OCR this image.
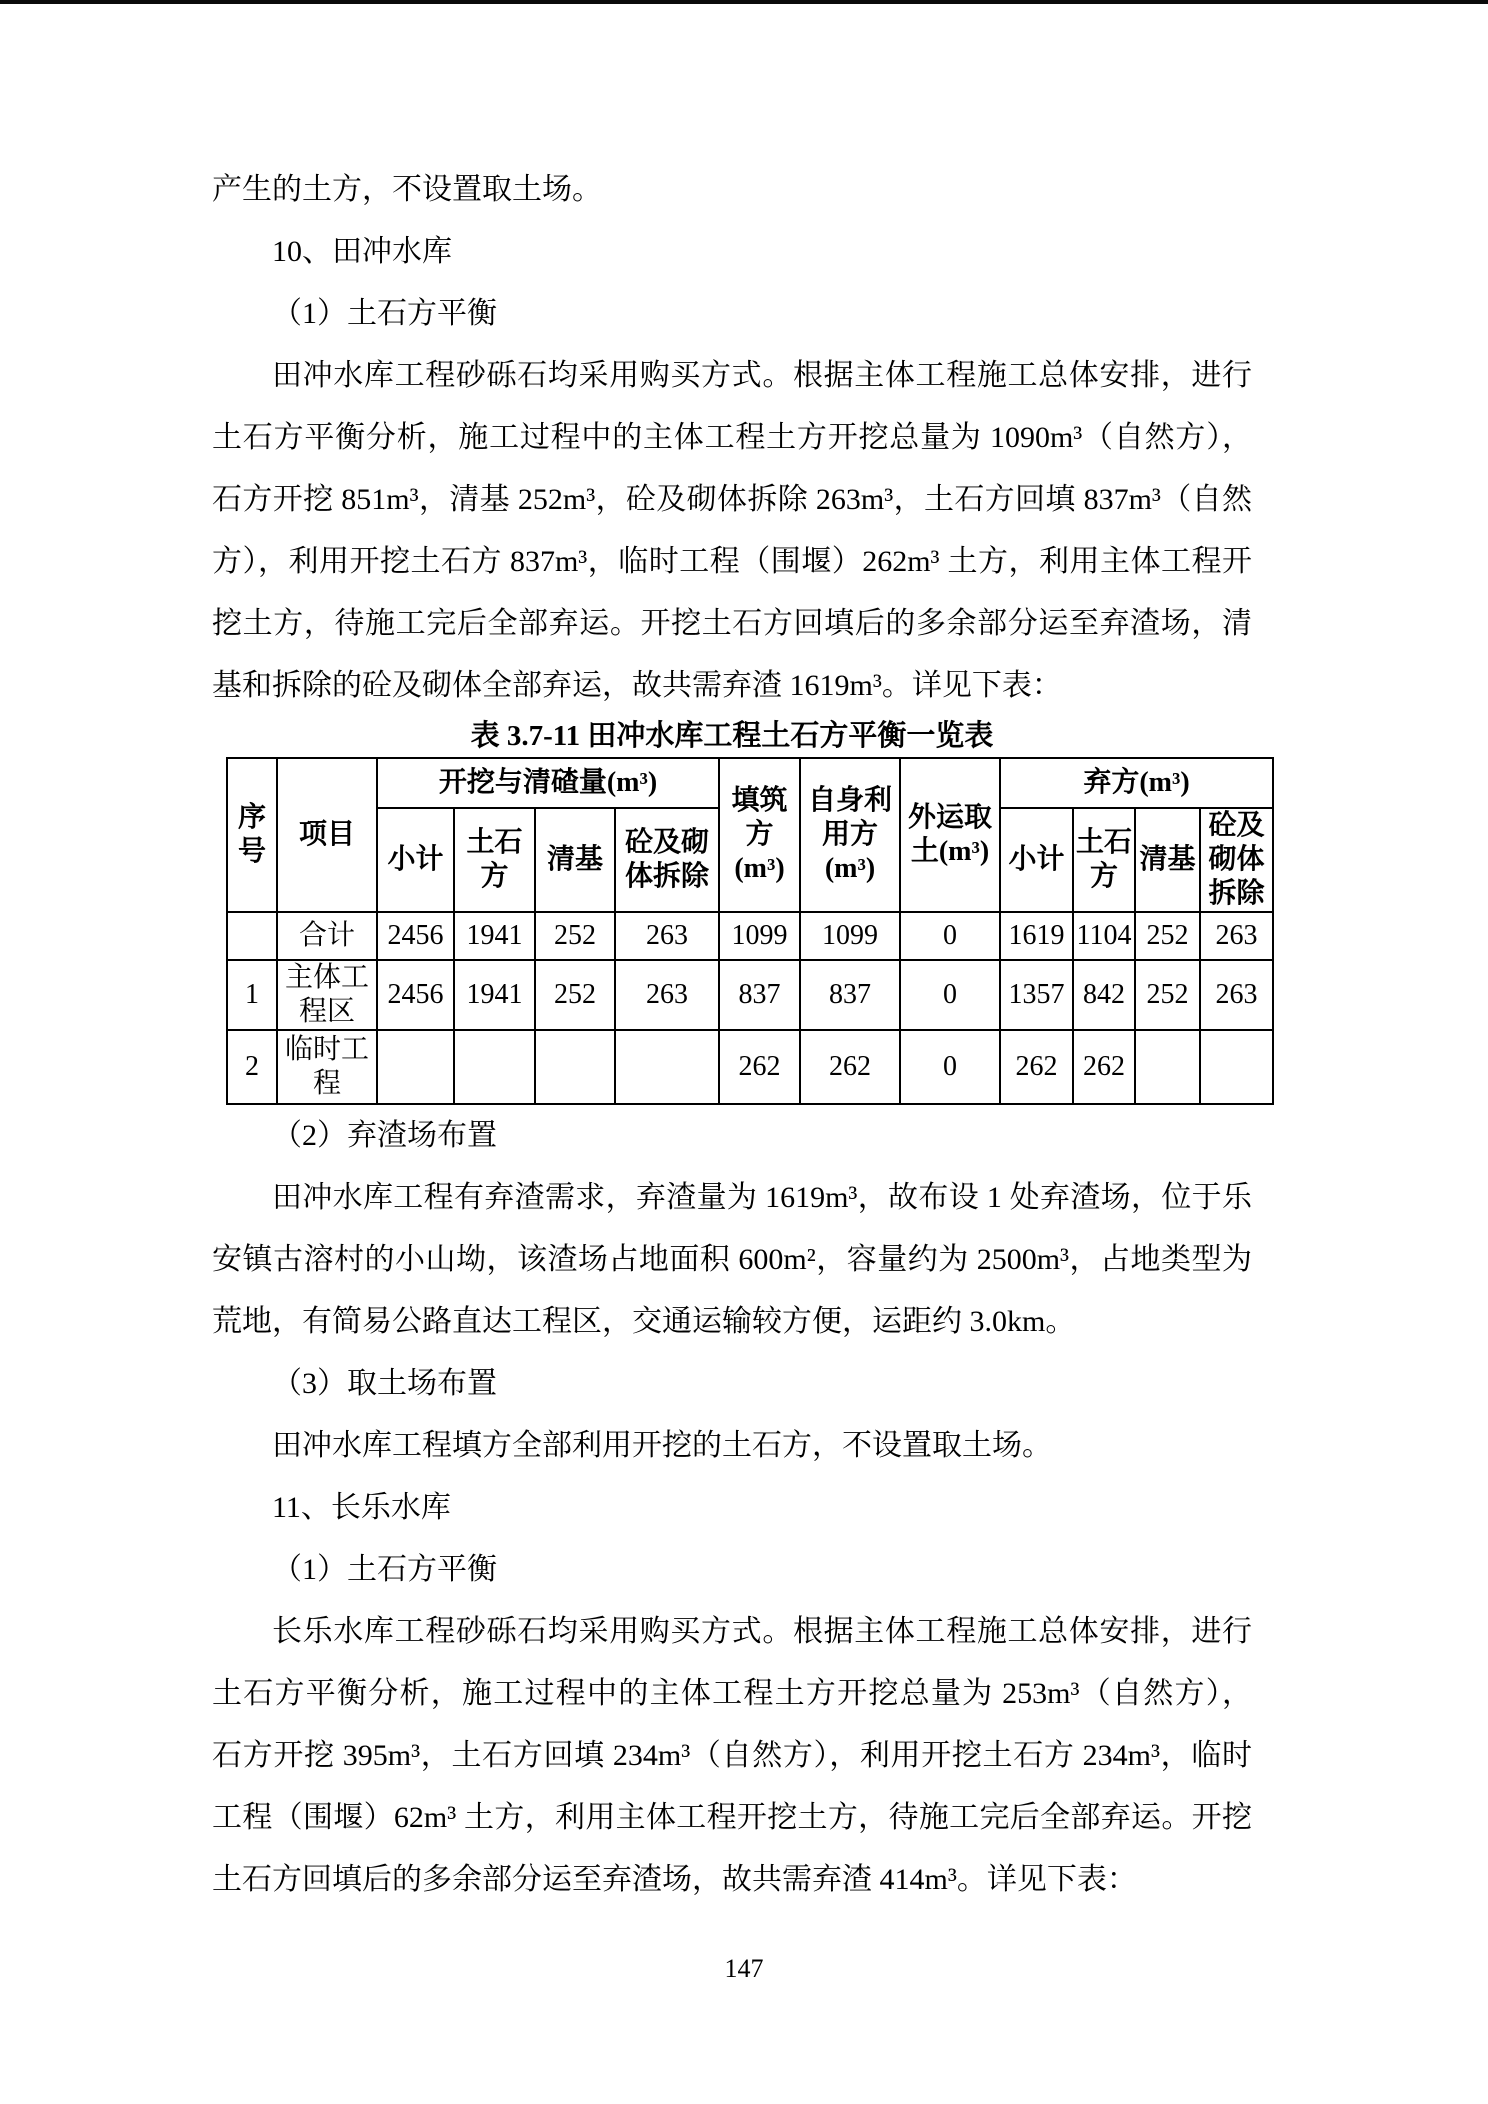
产生的土方，不设置取土场。
10、田冲水库
（1）土石方平衡
田冲水库工程砂砾石均采用购买方式。根据主体工程施工总体安排，进行
土石方平衡分析，施工过程中的主体工程土方开挖总量为 1090m³（自然方），
石方开挖 851m³，清基 252m³，砼及砌体拆除 263m³，土石方回填 837m³（自然
方），利用开挖土石方 837m³，临时工程（围堰）262m³ 土方，利用主体工程开
挖土方，待施工完后全部弃运。开挖土石方回填后的多余部分运至弃渣场，清
基和拆除的砼及砌体全部弃运，故共需弃渣 1619m³。详见下表：
表 3.7-11 田冲水库工程土石方平衡一览表
序号	项目	开挖与清碴量(m³)				填筑方(m³)	自身利用方(m³)	外运取土(m³)	弃方(m³)			
		小计	土石方	清基	砼及砌体拆除				小计	土石方	清基	砼及砌体拆除
	合计	2456	1941	252	263	1099	1099	0	1619	1104	252	263
1	主体工程区	2456	1941	252	263	837	837	0	1357	842	252	263
2	临时工程					262	262	0	262	262		
（2）弃渣场布置
田冲水库工程有弃渣需求，弃渣量为 1619m³，故布设 1 处弃渣场，位于乐
安镇古溶村的小山坳，该渣场占地面积 600m²，容量约为 2500m³，占地类型为
荒地，有简易公路直达工程区，交通运输较方便，运距约 3.0km。
（3）取土场布置
田冲水库工程填方全部利用开挖的土石方，不设置取土场。
11、长乐水库
（1）土石方平衡
长乐水库工程砂砾石均采用购买方式。根据主体工程施工总体安排，进行
土石方平衡分析，施工过程中的主体工程土方开挖总量为 253m³（自然方），
石方开挖 395m³，土石方回填 234m³（自然方），利用开挖土石方 234m³，临时
工程（围堰）62m³ 土方，利用主体工程开挖土方，待施工完后全部弃运。开挖
土石方回填后的多余部分运至弃渣场，故共需弃渣 414m³。详见下表：
147
